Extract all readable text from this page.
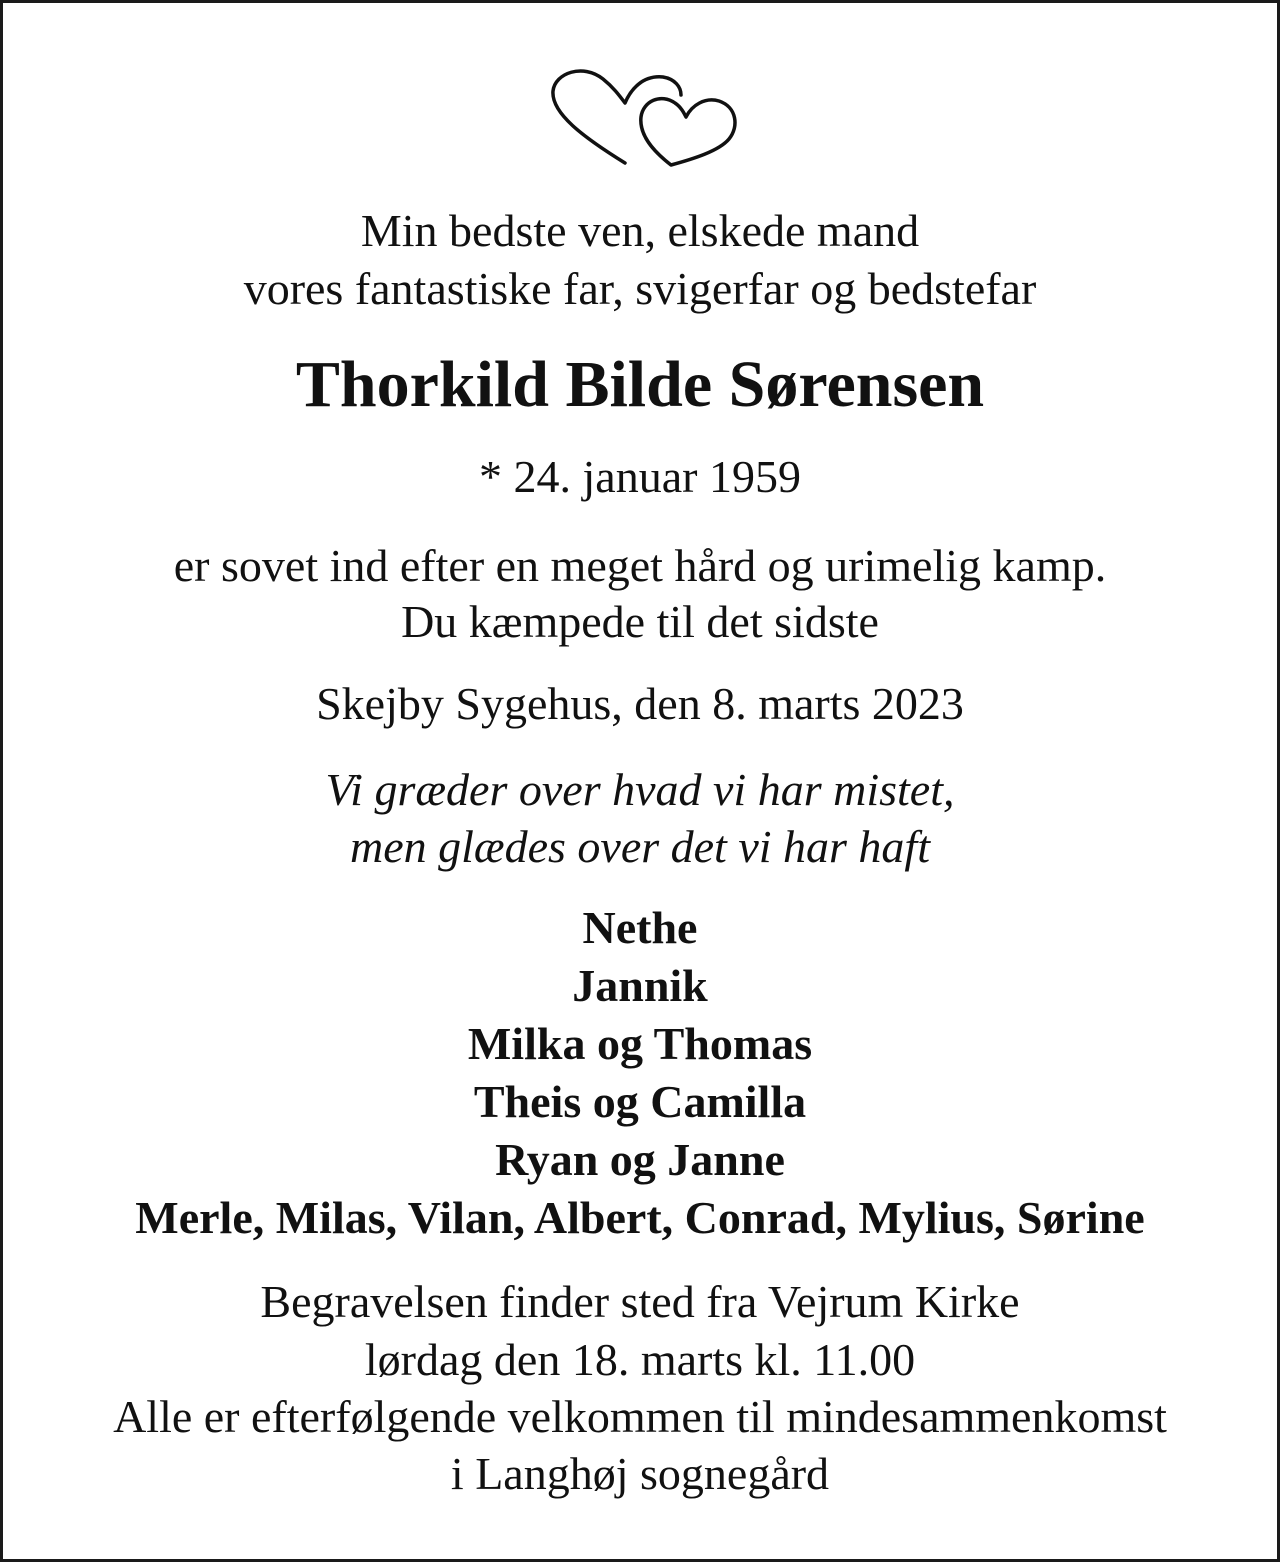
Min bedste ven, elskede mand
vores fantastiske far, svigerfar og bedstefar
Thorkild Bilde Sørensen
* 24. januar 1959
er sovet ind efter en meget hård og urimelig kamp.
Du kæmpede til det sidste
Skejby Sygehus, den 8. marts 2023
Vi græder over hvad vi har mistet,
men glædes over det vi har haft
Nethe
Jannik
Milka og Thomas
Theis og Camilla
Ryan og Janne
Merle, Milas, Vilan, Albert, Conrad, Mylius, Sørine
Begravelsen finder sted fra Vejrum Kirke
lørdag den 18. marts kl. 11.00
Alle er efterfølgende velkommen til mindesammenkomst
i Langhøj sognegård
